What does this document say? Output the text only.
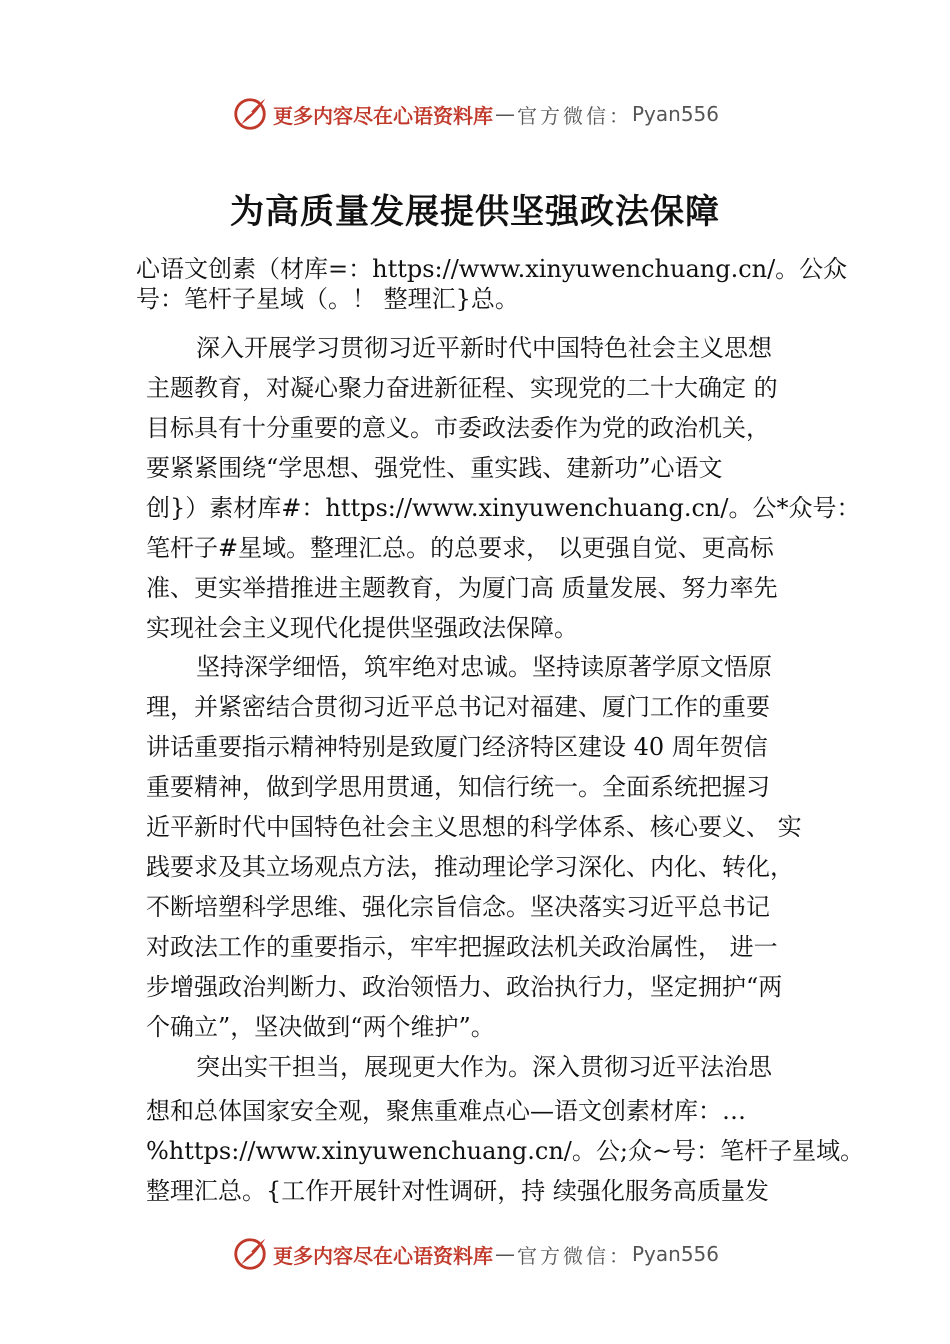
更多内容尽在心语资料库 — 官方微信： Pyan556
为高质量发展提供坚强政法保障
心语文创素（材库=：https://www.xinyuwenchuang.cn/。公众
号：笔杆子星域（。！ 整理汇}总。
深入开展学习贯彻习近平新时代中国特色社会主义思想
主题教育，对凝心聚力奋进新征程、实现党的二十大确定 的
目标具有十分重要的意义。市委政法委作为党的政治机关，
要紧紧围绕“学思想、强党性、重实践、建新功”心语文
创}）素材库#：https://www.xinyuwenchuang.cn/。公*众号：
笔杆子#星域。整理汇总。的总要求， 以更强自觉、更高标
准、更实举措推进主题教育，为厦门高 质量发展、努力率先
实现社会主义现代化提供坚强政法保障。
坚持深学细悟，筑牢绝对忠诚。坚持读原著学原文悟原
理，并紧密结合贯彻习近平总书记对福建、厦门工作的重要
讲话重要指示精神特别是致厦门经济特区建设 40 周年贺信
重要精神，做到学思用贯通，知信行统一。全面系统把握习
近平新时代中国特色社会主义思想的科学体系、核心要义、 实
践要求及其立场观点方法，推动理论学习深化、内化、转化，
不断培塑科学思维、强化宗旨信念。坚决落实习近平总书记
对政法工作的重要指示，牢牢把握政法机关政治属性， 进一
步增强政治判断力、政治领悟力、政治执行力，坚定拥护“两
个确立”，坚决做到“两个维护”。
突出实干担当，展现更大作为。深入贯彻习近平法治思
想和总体国家安全观，聚焦重难点心—语文创素材库：…
%https://www.xinyuwenchuang.cn/。公;众~号：笔杆子星域。
整理汇总。{工作开展针对性调研，持 续强化服务高质量发
更多内容尽在心语资料库 — 官方微信： Pyan556
